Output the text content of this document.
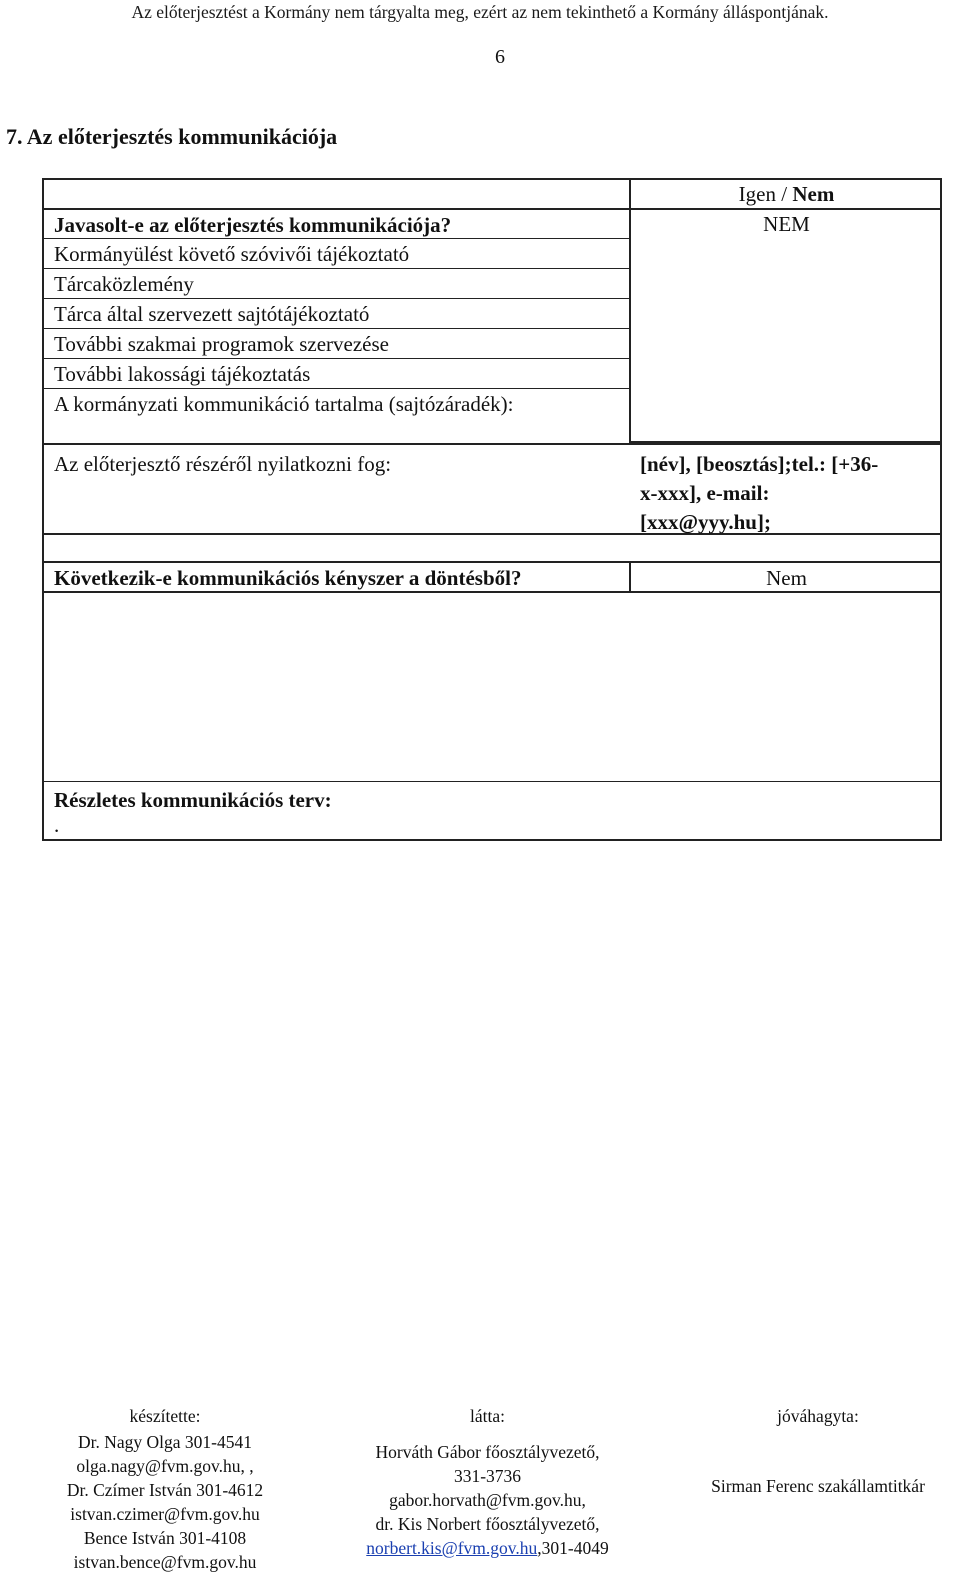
Az előterjesztést a Kormány nem tárgyalta meg, ezért az nem tekinthető a Kormány álláspontjának.
6
7. Az előterjesztés kommunikációja
Javasolt-e az előterjesztés kommunikációja?
Kormányülést követő szóvivői tájékoztató
Tárcaközlemény
Tárca által szervezett sajtótájékoztató
További szakmai programok szervezése
További lakossági tájékoztatás
A kormányzati kommunikáció tartalma (sajtózáradék):
Igen / Nem
NEM
Az előterjesztő részéről nyilatkozni fog:	[név], [beosztás];tel.: [+36-
x-xxx], e-mail:
[xxx@yyy.hu];
Következik-e kommunikációs kényszer a döntésből?	Nem
Részletes kommunikációs terv:
.
készítette:
Dr. Nagy Olga 301-4541
olga.nagy@fvm.gov.hu, ,
Dr. Czímer István 301-4612
istvan.czimer@fvm.gov.hu
Bence István 301-4108
istvan.bence@fvm.gov.hu
látta:
Horváth Gábor főosztályvezető,
331-3736
gabor.horvath@fvm.gov.hu,
dr. Kis Norbert főosztályvezető,
norbert.kis@fvm.gov.hu,301-4049
jóváhagyta:
Sirman Ferenc szakállamtitkár
